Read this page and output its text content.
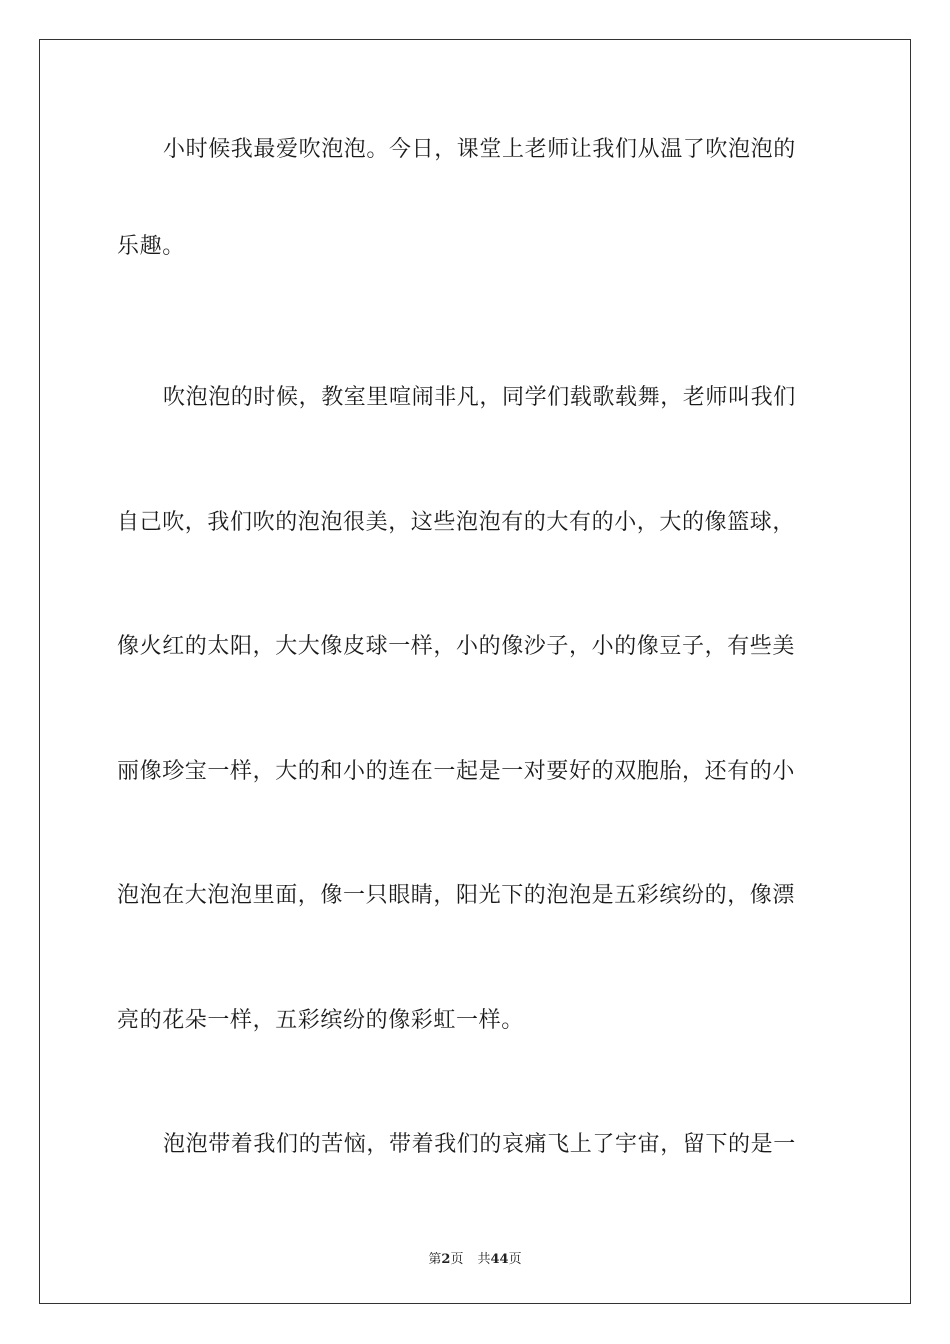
小时候我最爱吹泡泡。今日，课堂上老师让我们从温了吹泡泡的
乐趣。
吹泡泡的时候，教室里喧闹非凡，同学们载歌载舞，老师叫我们
自己吹，我们吹的泡泡很美，这些泡泡有的大有的小，大的像篮球，
像火红的太阳，大大像皮球一样，小的像沙子，小的像豆子，有些美
丽像珍宝一样，大的和小的连在一起是一对要好的双胞胎，还有的小
泡泡在大泡泡里面，像一只眼睛，阳光下的泡泡是五彩缤纷的，像漂
亮的花朵一样，五彩缤纷的像彩虹一样。
泡泡带着我们的苦恼，带着我们的哀痛飞上了宇宙，留下的是一
第2页 共44页
